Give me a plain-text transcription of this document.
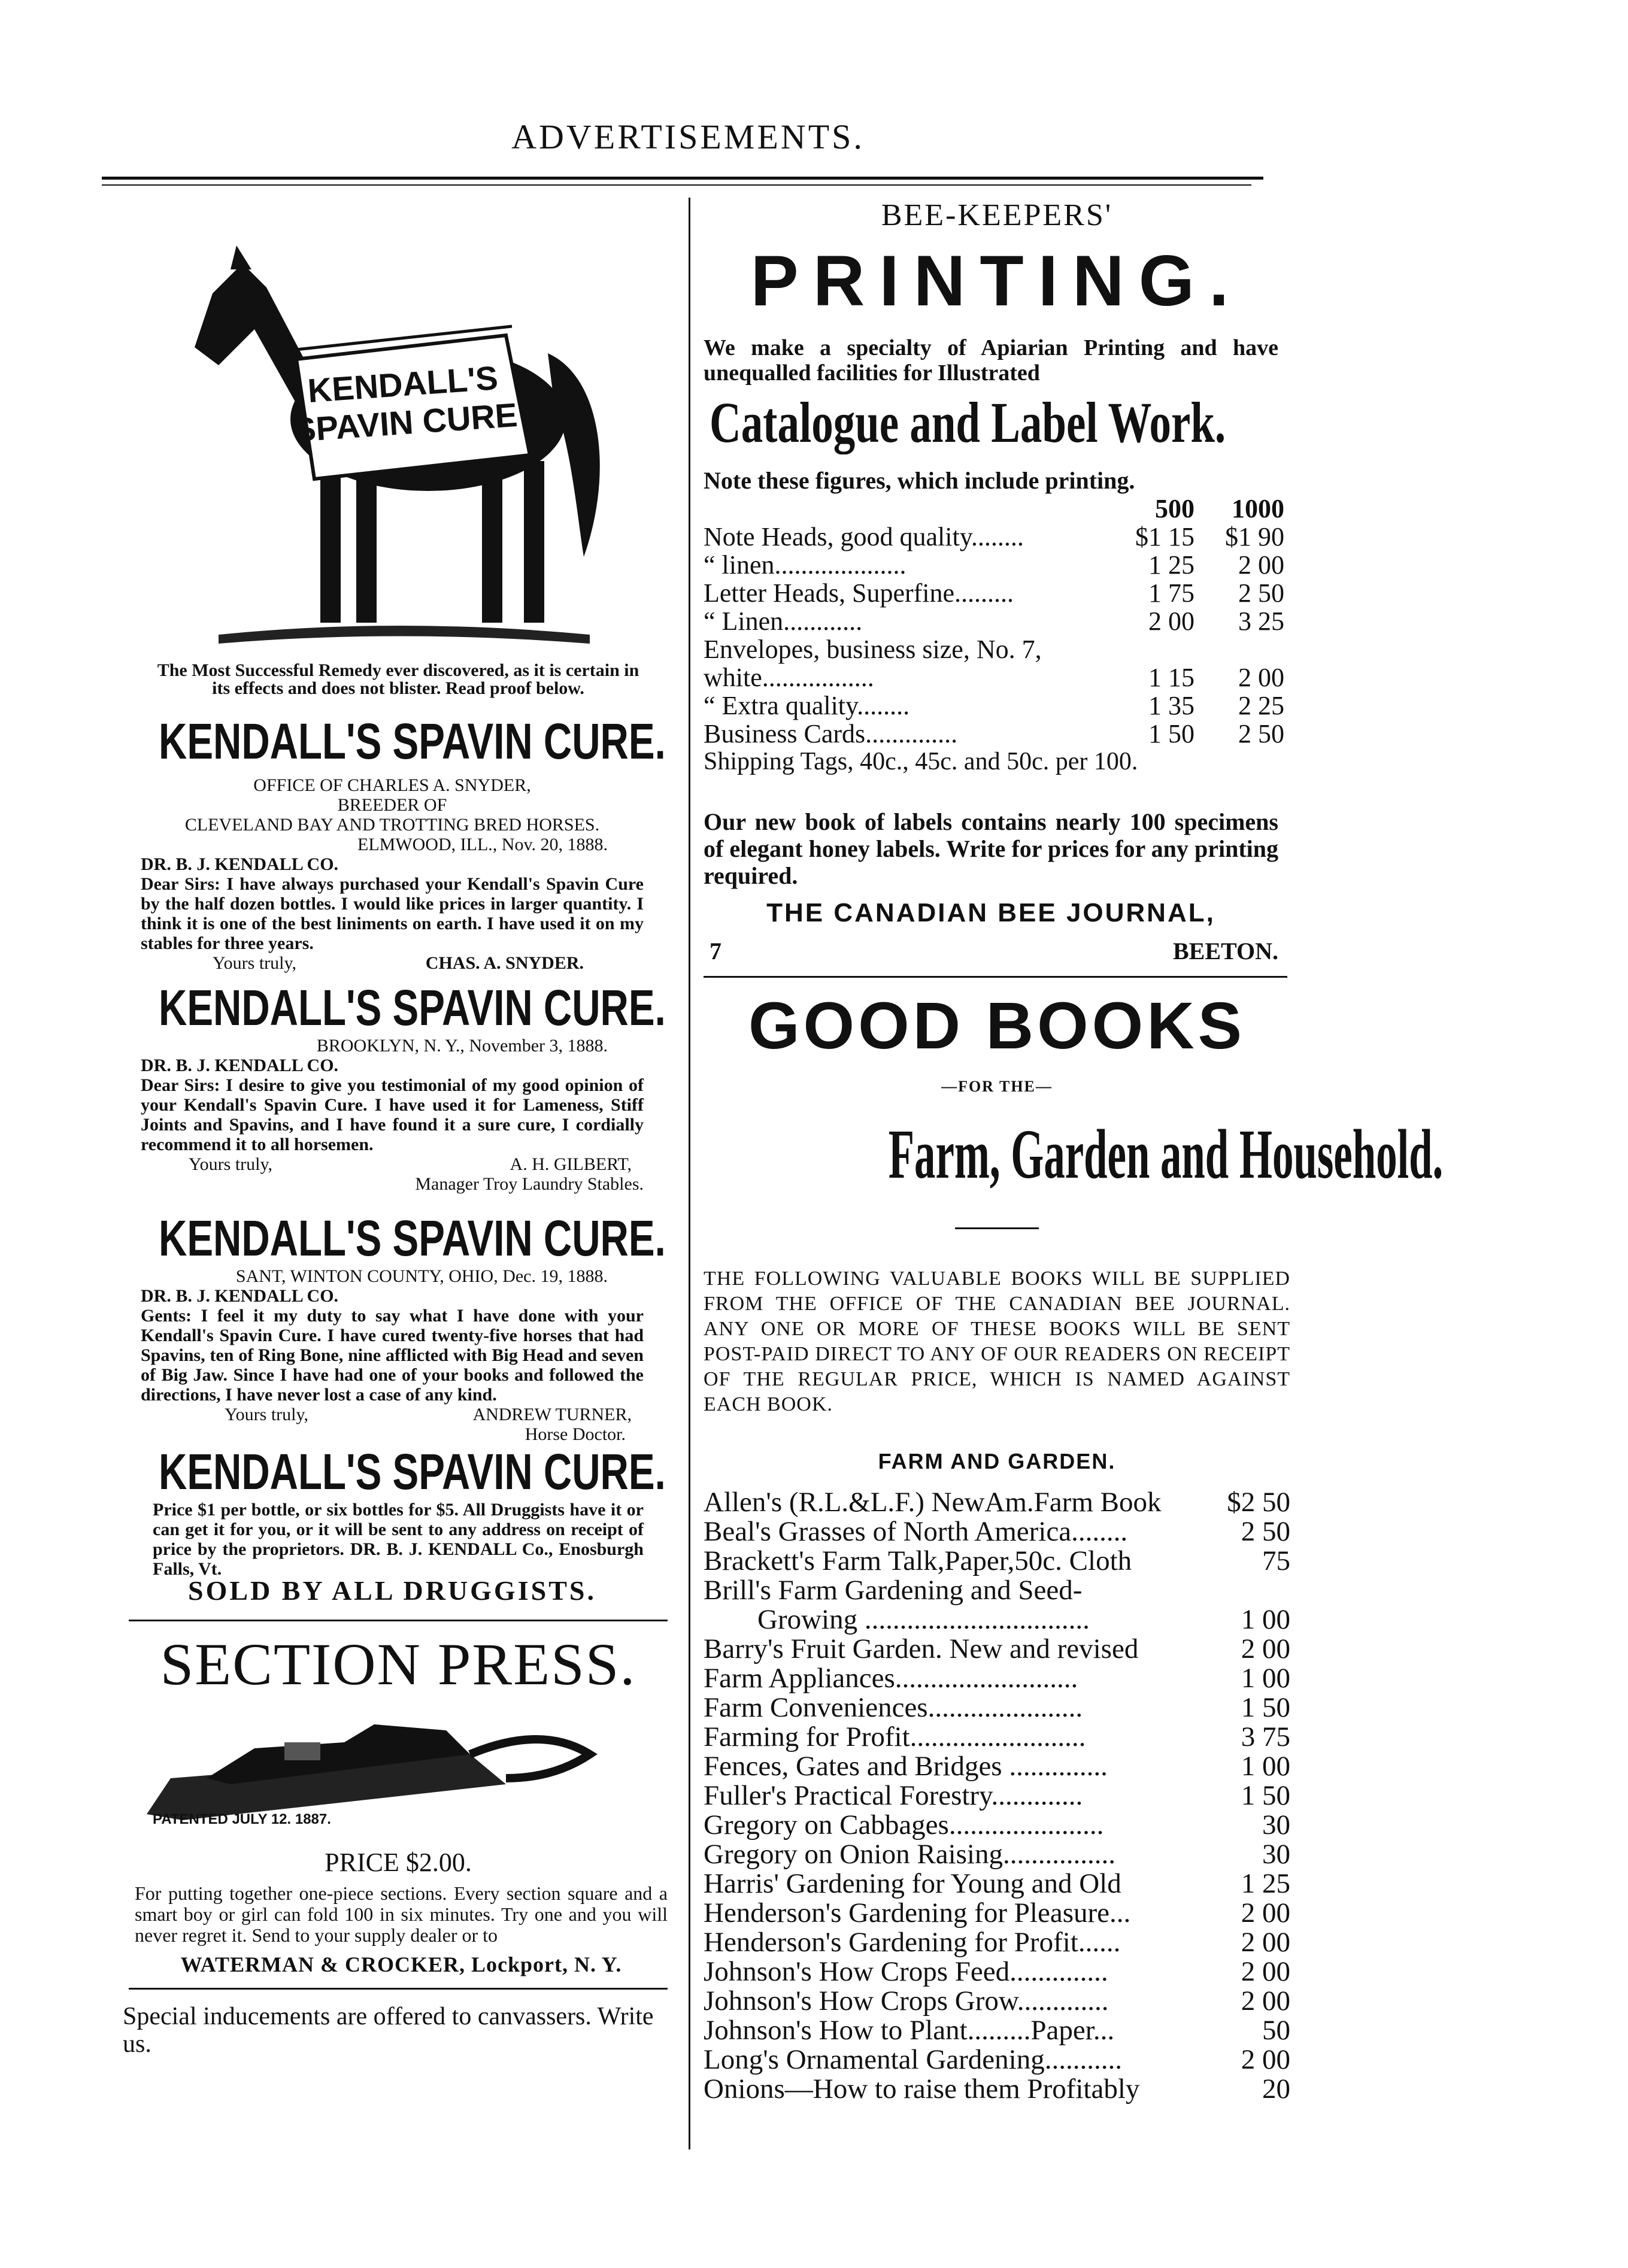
ADVERTISEMENTS.
KENDALL'S
SPAVIN CURE
The Most Successful Remedy ever discovered, as it is certain in its effects and does not blister. Read proof below.
KENDALL'S SPAVIN CURE.
OFFICE OF CHARLES A. SNYDER,
BREEDER OF
CLEVELAND BAY AND TROTTING BRED HORSES.
ELMWOOD, ILL., Nov. 20, 1888.
DR. B. J. KENDALL CO.
Dear Sirs: I have always purchased your Kendall's Spavin Cure by the half dozen bottles. I would like prices in larger quantity. I think it is one of the best liniments on earth. I have used it on my stables for three years.
Yours truly,	CHAS. A. SNYDER.
KENDALL'S SPAVIN CURE.
BROOKLYN, N. Y., November 3, 1888.
DR. B. J. KENDALL CO.
Dear Sirs: I desire to give you testimonial of my good opinion of your Kendall's Spavin Cure. I have used it for Lameness, Stiff Joints and Spavins, and I have found it a sure cure, I cordially recommend it to all horsemen.
Yours truly,	A. H. GILBERT,
Manager Troy Laundry Stables.
KENDALL'S SPAVIN CURE.
SANT, WINTON COUNTY, OHIO, Dec. 19, 1888.
DR. B. J. KENDALL CO.
Gents: I feel it my duty to say what I have done with your Kendall's Spavin Cure. I have cured twenty-five horses that had Spavins, ten of Ring Bone, nine afflicted with Big Head and seven of Big Jaw. Since I have had one of your books and followed the directions, I have never lost a case of any kind.
Yours truly,	ANDREW TURNER,
Horse Doctor.
KENDALL'S SPAVIN CURE.
Price $1 per bottle, or six bottles for $5. All Druggists have it or can get it for you, or it will be sent to any address on receipt of price by the proprietors. DR. B. J. KENDALL Co., Enosburgh Falls, Vt.
SOLD BY ALL DRUGGISTS.
SECTION PRESS.
PATENTED JULY 12. 1887.
PRICE $2.00.
For putting together one-piece sections. Every section square and a smart boy or girl can fold 100 in six minutes. Try one and you will never regret it. Send to your supply dealer or to
WATERMAN & CROCKER, Lockport, N. Y.
Special inducements are offered to canvassers. Write us.
BEE-KEEPERS'
PRINTING.
We make a specialty of Apiarian Printing and have unequalled facilities for Illustrated
Catalogue and Label Work.
Note these figures, which include printing.
500	1000
Note Heads, good quality........	$1 15	$1 90
“ linen....................	1 25	2 00
Letter Heads, Superfine.........	1 75	2 50
“ Linen............	2 00	3 25
Envelopes, business size, No. 7,
white.................	1 15	2 00
“ Extra quality........	1 35	2 25
Business Cards..............	1 50	2 50
Shipping Tags, 40c., 45c. and 50c. per 100.
Our new book of labels contains nearly 100 specimens of elegant honey labels. Write for prices for any printing required.
THE CANADIAN BEE JOURNAL,
7	BEETON.
GOOD BOOKS
—FOR THE—
Farm, Garden and Household.
THE FOLLOWING VALUABLE BOOKS WILL BE SUPPLIED FROM THE OFFICE OF THE CANADIAN BEE JOURNAL. ANY ONE OR MORE OF THESE BOOKS WILL BE SENT POST-PAID DIRECT TO ANY OF OUR READERS ON RECEIPT OF THE REGULAR PRICE, WHICH IS NAMED AGAINST EACH BOOK.
FARM AND GARDEN.
Allen's (R.L.&L.F.) NewAm.Farm Book	$2 50
Beal's Grasses of North America........	2 50
Brackett's Farm Talk,Paper,50c. Cloth	75
Brill's Farm Gardening and Seed-
Growing ................................	1 00
Barry's Fruit Garden. New and revised	2 00
Farm Appliances..........................	1 00
Farm Conveniences......................	1 50
Farming for Profit.........................	3 75
Fences, Gates and Bridges ..............	1 00
Fuller's Practical Forestry.............	1 50
Gregory on Cabbages......................	30
Gregory on Onion Raising................	30
Harris' Gardening for Young and Old	1 25
Henderson's Gardening for Pleasure...	2 00
Henderson's Gardening for Profit......	2 00
Johnson's How Crops Feed..............	2 00
Johnson's How Crops Grow.............	2 00
Johnson's How to Plant.........Paper...	50
Long's Ornamental Gardening...........	2 00
Onions—How to raise them Profitably	20
